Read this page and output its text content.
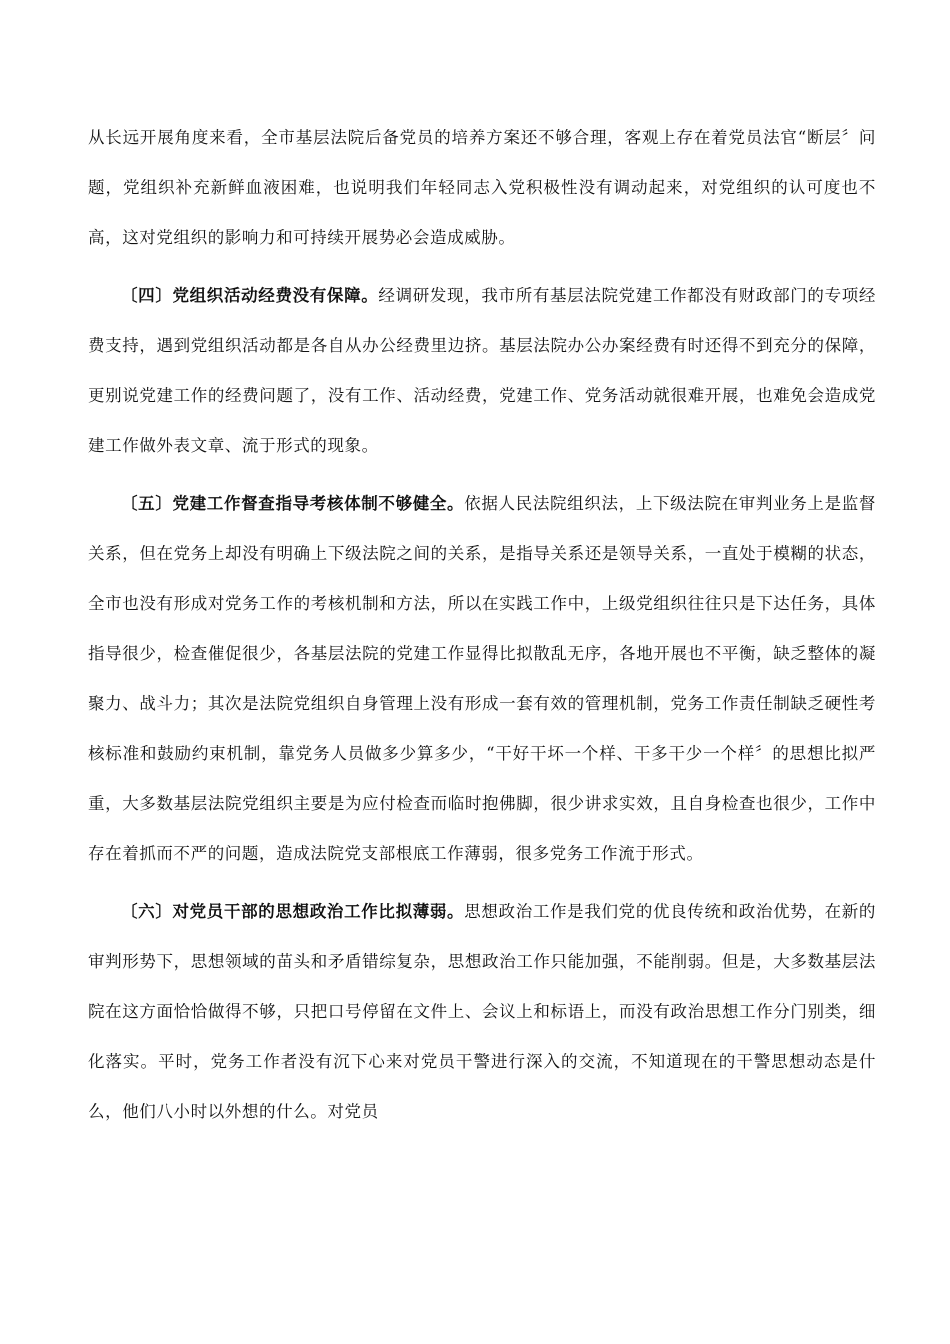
从长远开展角度来看，全市基层法院后备党员的培养方案还不够合理，客观上存在着党员法官“断层〞问题，党组织补充新鲜血液困难，也说明我们年轻同志入党积极性没有调动起来，对党组织的认可度也不高，这对党组织的影响力和可持续开展势必会造成威胁。

〔四〕党组织活动经费没有保障。经调研发现，我市所有基层法院党建工作都没有财政部门的专项经费支持，遇到党组织活动都是各自从办公经费里边挤。基层法院办公办案经费有时还得不到充分的保障，更别说党建工作的经费问题了，没有工作、活动经费，党建工作、党务活动就很难开展，也难免会造成党建工作做外表文章、流于形式的现象。

〔五〕党建工作督查指导考核体制不够健全。依据人民法院组织法，上下级法院在审判业务上是监督关系，但在党务上却没有明确上下级法院之间的关系，是指导关系还是领导关系，一直处于模糊的状态，全市也没有形成对党务工作的考核机制和方法，所以在实践工作中，上级党组织往往只是下达任务，具体指导很少，检查催促很少，各基层法院的党建工作显得比拟散乱无序，各地开展也不平衡，缺乏整体的凝聚力、战斗力；其次是法院党组织自身管理上没有形成一套有效的管理机制，党务工作责任制缺乏硬性考核标准和鼓励约束机制，靠党务人员做多少算多少，“干好干坏一个样、干多干少一个样〞的思想比拟严重，大多数基层法院党组织主要是为应付检查而临时抱佛脚，很少讲求实效，且自身检查也很少，工作中存在着抓而不严的问题，造成法院党支部根底工作薄弱，很多党务工作流于形式。

〔六〕对党员干部的思想政治工作比拟薄弱。思想政治工作是我们党的优良传统和政治优势，在新的审判形势下，思想领域的苗头和矛盾错综复杂，思想政治工作只能加强，不能削弱。但是，大多数基层法院在这方面恰恰做得不够，只把口号停留在文件上、会议上和标语上，而没有政治思想工作分门别类，细化落实。平时，党务工作者没有沉下心来对党员干警进行深入的交流，不知道现在的干警思想动态是什么，他们八小时以外想的什么。对党员
